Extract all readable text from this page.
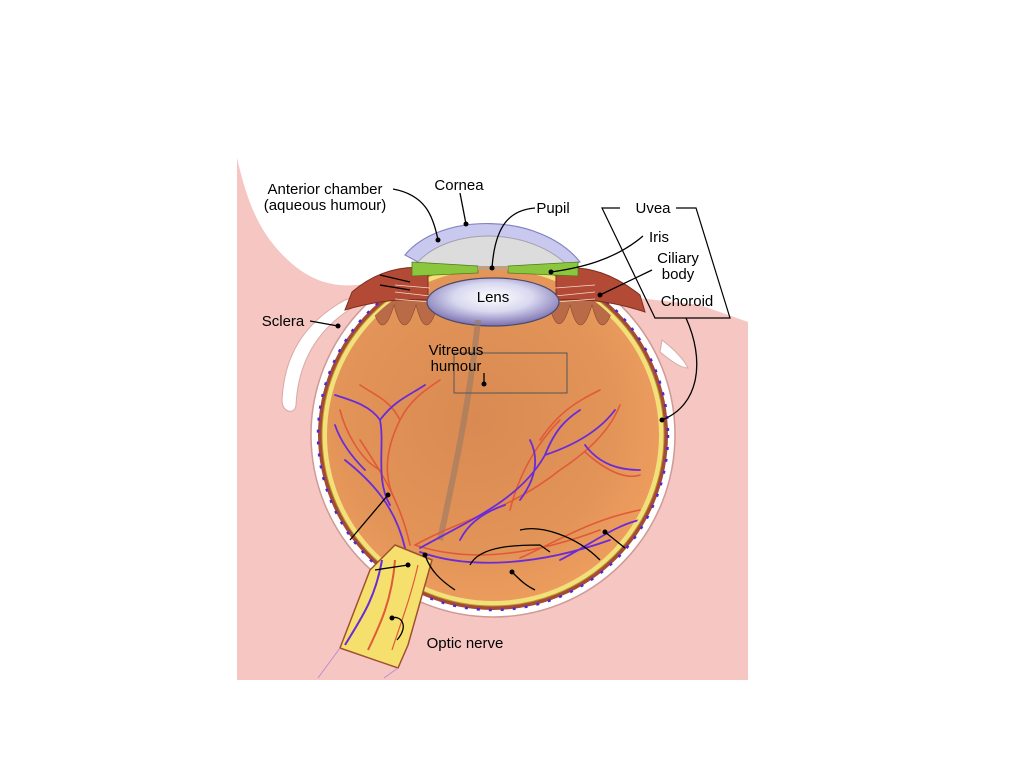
Anterior chamber
(aqueous humour)
Cornea
Pupil	Uvea
Iris
Ciliary
body
Choroid
Sclera
Lens
Vitreous
humour
Optic nerve
